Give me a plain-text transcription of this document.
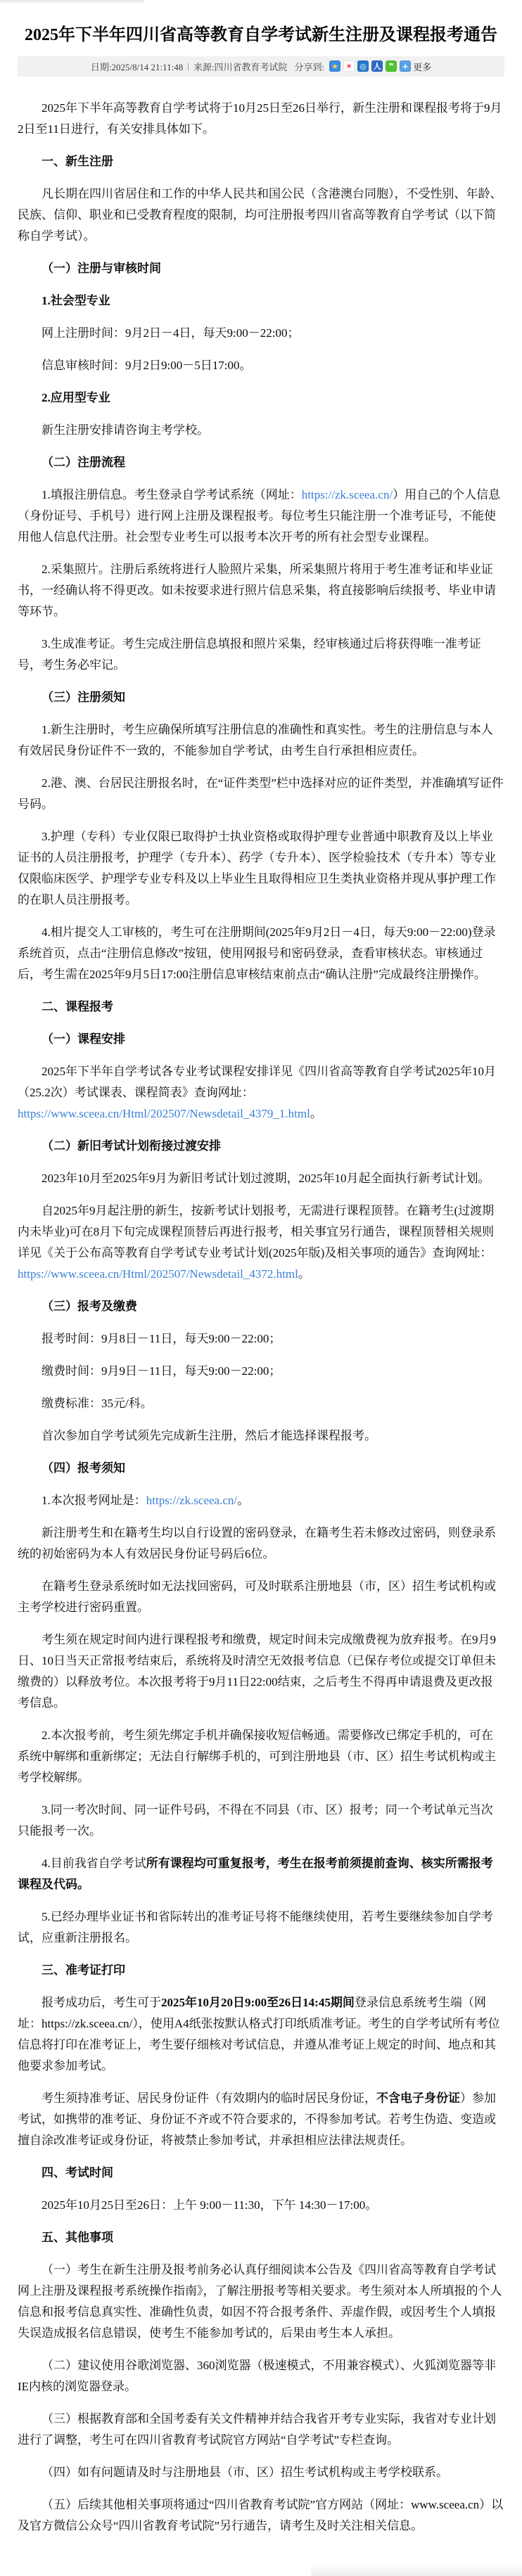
2025年下半年四川省高等教育自学考试新生注册及课程报考通告
日期:2025/8/14 21:11:48 | 来源:四川省教育考试院 分享到: ★ ☀ ◎ 人	❞	+ 更多

2025年下半年高等教育自学考试将于10月25日至26日举行，新生注册和课程报考将于9月2日至11日进行，有关安排具体如下。

一、新生注册

凡长期在四川省居住和工作的中华人民共和国公民（含港澳台同胞），不受性别、年龄、民族、信仰、职业和已受教育程度的限制，均可注册报考四川省高等教育自学考试（以下简称自学考试）。

（一）注册与审核时间
1.社会型专业

网上注册时间：9月2日－4日，每天9:00－22:00；

信息审核时间：9月2日9:00－5日17:00。

2.应用型专业

新生注册安排请咨询主考学校。

（二）注册流程

1.填报注册信息。考生登录自学考试系统（网址：https://zk.sceea.cn/）用自己的个人信息（身份证号、手机号）进行网上注册及课程报考。每位考生只能注册一个准考证号，不能使用他人信息代注册。社会型专业考生可以报考本次开考的所有社会型专业课程。

2.采集照片。注册后系统将进行人脸照片采集，所采集照片将用于考生准考证和毕业证书，一经确认将不得更改。如未按要求进行照片信息采集，将直接影响后续报考、毕业申请等环节。

3.生成准考证。考生完成注册信息填报和照片采集，经审核通过后将获得唯一准考证号，考生务必牢记。

（三）注册须知

1.新生注册时，考生应确保所填写注册信息的准确性和真实性。考生的注册信息与本人有效居民身份证件不一致的，不能参加自学考试，由考生自行承担相应责任。

2.港、澳、台居民注册报名时，在“证件类型”栏中选择对应的证件类型，并准确填写证件号码。

3.护理（专科）专业仅限已取得护士执业资格或取得护理专业普通中职教育及以上毕业证书的人员注册报考，护理学（专升本）、药学（专升本）、医学检验技术（专升本）等专业仅限临床医学、护理学专业专科及以上毕业生且取得相应卫生类执业资格并现从事护理工作的在职人员注册报考。

4.相片提交人工审核的，考生可在注册期间(2025年9月2日－4日，每天9:00－22:00)登录系统首页，点击“注册信息修改”按钮，使用网报号和密码登录，查看审核状态。审核通过后，考生需在2025年9月5日17:00注册信息审核结束前点击“确认注册”完成最终注册操作。

二、课程报考
（一）课程安排

2025年下半年自学考试各专业考试课程安排详见《四川省高等教育自学考试2025年10月（25.2次）考试课表、课程简表》查询网址：https://www.sceea.cn/Html/202507/Newsdetail_4379_1.html。

（二）新旧考试计划衔接过渡安排

2023年10月至2025年9月为新旧考试计划过渡期，2025年10月起全面执行新考试计划。

自2025年9月起注册的新生，按新考试计划报考，无需进行课程顶替。在籍考生(过渡期内未毕业)可在8月下旬完成课程顶替后再进行报考，相关事宜另行通告，课程顶替相关规则详见《关于公布高等教育自学考试专业考试计划(2025年版)及相关事项的通告》查询网址：https://www.sceea.cn/Html/202507/Newsdetail_4372.html。

（三）报考及缴费

报考时间：9月8日－11日，每天9:00－22:00；

缴费时间：9月9日－11日，每天9:00－22:00；

缴费标准：35元/科。

首次参加自学考试须先完成新生注册，然后才能选择课程报考。

（四）报考须知

1.本次报考网址是：https://zk.sceea.cn/。

新注册考生和在籍考生均以自行设置的密码登录，在籍考生若未修改过密码，则登录系统的初始密码为本人有效居民身份证号码后6位。

在籍考生登录系统时如无法找回密码，可及时联系注册地县（市，区）招生考试机构或主考学校进行密码重置。

考生须在规定时间内进行课程报考和缴费，规定时间未完成缴费视为放弃报考。在9月9日、10日当天正常报考结束后，系统将及时清空无效报考信息（已保存考位或提交订单但未缴费的）以释放考位。本次报考将于9月11日22:00结束，之后考生不得再申请退费及更改报考信息。

2.本次报考前，考生须先绑定手机并确保接收短信畅通。需要修改已绑定手机的，可在系统中解绑和重新绑定；无法自行解绑手机的，可到注册地县（市、区）招生考试机构或主考学校解绑。

3.同一考次时间、同一证件号码，不得在不同县（市、区）报考；同一个考试单元当次只能报考一次。

4.目前我省自学考试所有课程均可重复报考，考生在报考前须提前查询、核实所需报考课程及代码。

5.已经办理毕业证书和省际转出的准考证号将不能继续使用，若考生要继续参加自学考试，应重新注册报名。

三、准考证打印

报考成功后，考生可于2025年10月20日9:00至26日14:45期间登录信息系统考生端（网址：https://zk.sceea.cn/），使用A4纸张按默认格式打印纸质准考证。考生的自学考试所有考位信息将打印在准考证上，考生要仔细核对考试信息，并遵从准考证上规定的时间、地点和其他要求参加考试。

考生须持准考证、居民身份证件（有效期内的临时居民身份证，不含电子身份证）参加考试，如携带的准考证、身份证不齐或不符合要求的，不得参加考试。若考生伪造、变造或擅自涂改准考证或身份证，将被禁止参加考试，并承担相应法律法规责任。

四、考试时间

2025年10月25日至26日：上午 9:00－11:30，下午 14:30－17:00。

五、其他事项

（一）考生在新生注册及报考前务必认真仔细阅读本公告及《四川省高等教育自学考试网上注册及课程报考系统操作指南》，了解注册报考等相关要求。考生须对本人所填报的个人信息和报考信息真实性、准确性负责，如因不符合报考条件、弄虚作假，或因考生个人填报失误造成报名信息错误，使考生不能参加考试的，后果由考生本人承担。

（二）建议使用谷歌浏览器、360浏览器（极速模式，不用兼容模式）、火狐浏览器等非IE内核的浏览器登录。

（三）根据教育部和全国考委有关文件精神并结合我省开考专业实际，我省对专业计划进行了调整，考生可在四川省教育考试院官方网站“自学考试”专栏查询。

（四）如有问题请及时与注册地县（市、区）招生考试机构或主考学校联系。

（五）后续其他相关事项将通过“四川省教育考试院”官方网站（网址：www.sceea.cn）以及官方微信公众号“四川省教育考试院”另行通告，请考生及时关注相关信息。
